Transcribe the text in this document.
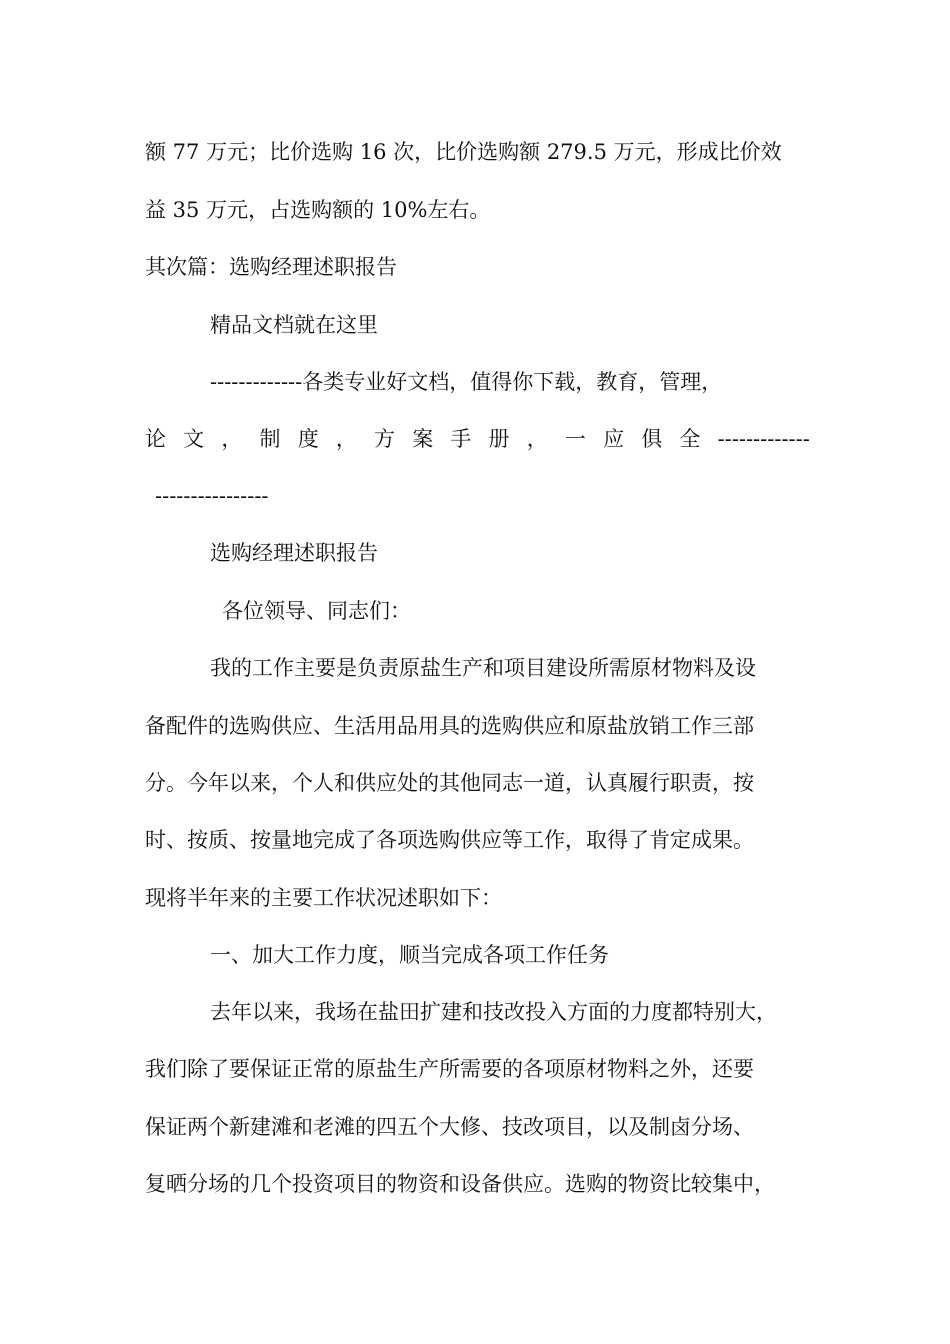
额 77 万元；比价选购 16 次，比价选购额 279.5 万元，形成比价效
益 35 万元，占选购额的 10%左右。
其次篇：选购经理述职报告
精品文档就在这里
-------------各类专业好文档，值得你下载，教育，管理，
论 文 ， 制 度 ， 方 案 手 册 ， 一 应 俱 全 -------------
----------------
选购经理述职报告
各位领导、同志们：
我的工作主要是负责原盐生产和项目建设所需原材物料及设
备配件的选购供应、生活用品用具的选购供应和原盐放销工作三部
分。今年以来，个人和供应处的其他同志一道，认真履行职责，按
时、按质、按量地完成了各项选购供应等工作，取得了肯定成果。
现将半年来的主要工作状况述职如下：
一、加大工作力度，顺当完成各项工作任务
去年以来，我场在盐田扩建和技改投入方面的力度都特别大，
我们除了要保证正常的原盐生产所需要的各项原材物料之外，还要
保证两个新建滩和老滩的四五个大修、技改项目，以及制卤分场、
复晒分场的几个投资项目的物资和设备供应。选购的物资比较集中，
